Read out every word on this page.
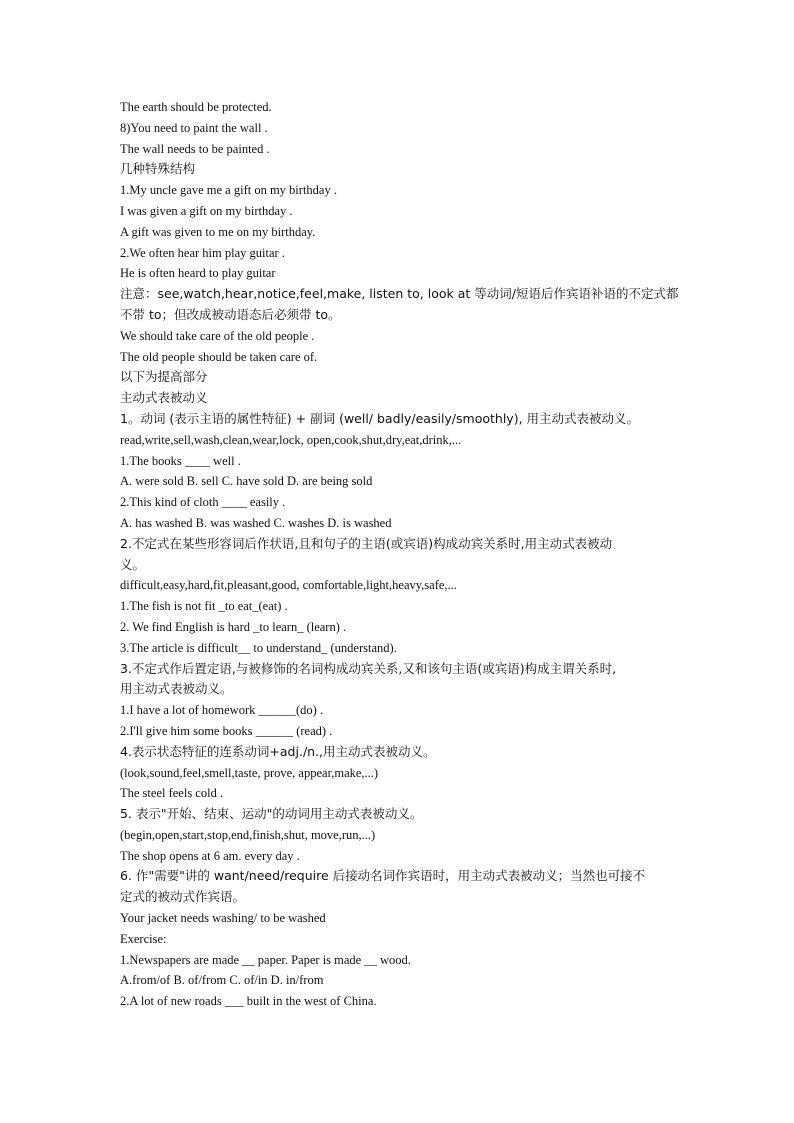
The earth should be protected.
8)You need to paint the wall .
The wall needs to be painted .
几种特殊结构
1.My uncle gave me a gift on my birthday .
I was given a gift on my birthday .
A gift was given to me on my birthday.
2.We often hear him play guitar .
He is often heard to play guitar
注意：see,watch,hear,notice,feel,make, listen to, look at 等动词/短语后作宾语补语的不定式都
不带 to；但改成被动语态后必须带 to。
We should take care of the old people .
The old people should be taken care of.
以下为提高部分
主动式表被动义
1。动词 (表示主语的属性特征) + 副词 (well/ badly/easily/smoothly), 用主动式表被动义。
read,write,sell,wash,clean,wear,lock, open,cook,shut,dry,eat,drink,...
1.The books ____ well .
A. were sold B. sell C. have sold D. are being sold
2.This kind of cloth ____ easily .
A. has washed B. was washed C. washes D. is washed
2.不定式在某些形容词后作状语,且和句子的主语(或宾语)构成动宾关系时,用主动式表被动
义。
difficult,easy,hard,fit,pleasant,good, comfortable,light,heavy,safe,...
1.The fish is not fit _to eat_(eat) .
2. We find English is hard _to learn_ (learn) .
3.The article is difficult__ to understand_ (understand).
3.不定式作后置定语,与被修饰的名词构成动宾关系,又和该句主语(或宾语)构成主谓关系时,
用主动式表被动义。
1.I have a lot of homework ______(do) .
2.I'll give him some books ______ (read) .
4.表示状态特征的连系动词+adj./n.,用主动式表被动义。
(look,sound,feel,smell,taste, prove, appear,make,...)
The steel feels cold .
5. 表示"开始、结束、运动"的动词用主动式表被动义。
(begin,open,start,stop,end,finish,shut, move,run,...)
The shop opens at 6 am. every day .
6. 作"需要"讲的 want/need/require 后接动名词作宾语时，用主动式表被动义；当然也可接不
定式的被动式作宾语。
Your jacket needs washing/ to be washed
Exercise:
1.Newspapers are made __ paper. Paper is made __ wood.
A.from/of B. of/from C. of/in D. in/from
2.A lot of new roads ___ built in the west of China.
